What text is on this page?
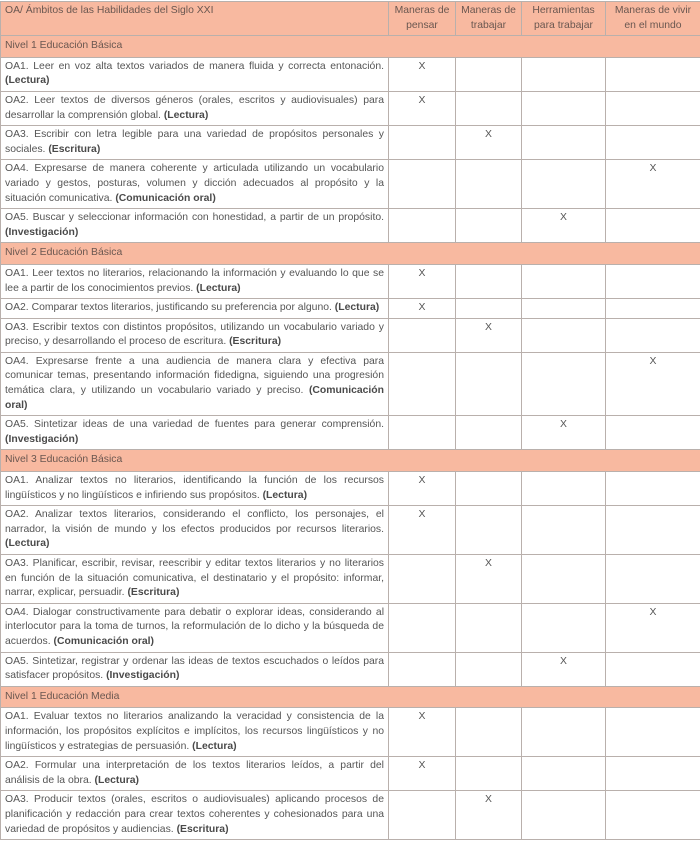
OA/ Ámbitos de las Habilidades del Siglo XXI	Maneras de pensar	Maneras de trabajar	Herramientas para trabajar	Maneras de vivir en el mundo
Nivel 1 Educación Básica				
OA1. Leer en voz alta textos variados de manera fluida y correcta entonación. (Lectura)	X			
OA2. Leer textos de diversos géneros (orales, escritos y audiovisuales) para desarrollar la comprensión global. (Lectura)	X			
OA3. Escribir con letra legible para una variedad de propósitos personales y sociales. (Escritura)		X		
OA4. Expresarse de manera coherente y articulada utilizando un vocabulario variado y gestos, posturas, volumen y dicción adecuados al propósito y la situación comunicativa. (Comunicación oral)				X
OA5. Buscar y seleccionar información con honestidad, a partir de un propósito. (Investigación)			X	
Nivel 2 Educación Básica				
OA1. Leer textos no literarios, relacionando la información y evaluando lo que se lee a partir de los conocimientos previos. (Lectura)	X			
OA2. Comparar textos literarios, justificando su preferencia por alguno. (Lectura)	X			
OA3. Escribir textos con distintos propósitos, utilizando un vocabulario variado y preciso, y desarrollando el proceso de escritura. (Escritura)		X		
OA4. Expresarse frente a una audiencia de manera clara y efectiva para comunicar temas, presentando información fidedigna, siguiendo una progresión temática clara, y utilizando un vocabulario variado y preciso. (Comunicación oral)				X
OA5. Sintetizar ideas de una variedad de fuentes para generar comprensión. (Investigación)			X	
Nivel 3 Educación Básica				
OA1. Analizar textos no literarios, identificando la función de los recursos lingüísticos y no lingüísticos e infiriendo sus propósitos. (Lectura)	X			
OA2. Analizar textos literarios, considerando el conflicto, los personajes, el narrador, la visión de mundo y los efectos producidos por recursos literarios. (Lectura)	X			
OA3. Planificar, escribir, revisar, reescribir y editar textos literarios y no literarios en función de la situación comunicativa, el destinatario y el propósito: informar, narrar, explicar, persuadir. (Escritura)		X		
OA4. Dialogar constructivamente para debatir o explorar ideas, considerando al interlocutor para la toma de turnos, la reformulación de lo dicho y la búsqueda de acuerdos. (Comunicación oral)				X
OA5. Sintetizar, registrar y ordenar las ideas de textos escuchados o leídos para satisfacer propósitos. (Investigación)			X	
Nivel 1 Educación Media				
OA1. Evaluar textos no literarios analizando la veracidad y consistencia de la información, los propósitos explícitos e implícitos, los recursos lingüísticos y no lingüísticos y estrategias de persuasión. (Lectura)	X			
OA2. Formular una interpretación de los textos literarios leídos, a partir del análisis de la obra. (Lectura)	X			
OA3. Producir textos (orales, escritos o audiovisuales) aplicando procesos de planificación y redacción para crear textos coherentes y cohesionados para una variedad de propósitos y audiencias. (Escritura)		X		
